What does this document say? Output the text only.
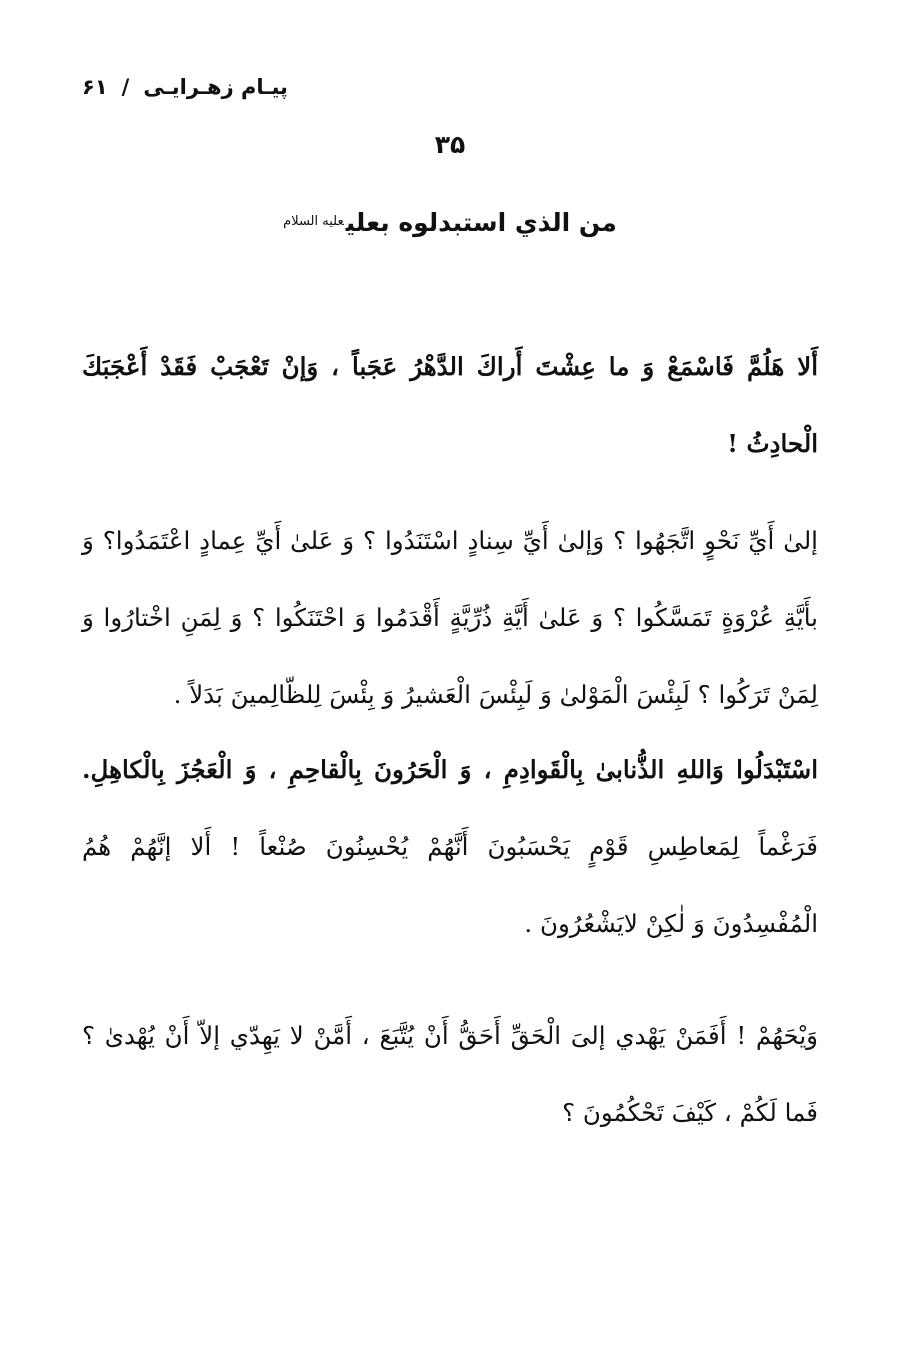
پیـام زهـرایـی
/
۶۱
۳۵
من الذي استبدلوه بعلي$^{عليه السلام}$
أَلا هَلُمَّ فَاسْمَعْ وَ ما عِشْتَ أَراكَ الدَّهْرُ عَجَباً ، وَإنْ تَعْجَبْ فَقَدْ أَعْجَبَكَ الْحادِثُ !
إلىٰ أَيِّ نَحْوٍ اتَّجَهُوا ؟ وَإلىٰ أَيِّ سِنادٍ اسْتَنَدُوا ؟ وَ عَلىٰ أَيِّ عِمادٍ اعْتَمَدُوا؟ وَ بأَيَّةِ عُرْوَةٍ تَمَسَّكُوا ؟ وَ عَلىٰ أَيَّةِ ذُرِّيَّةٍ أَقْدَمُوا وَ احْتَنَكُوا ؟ وَ لِمَنِ اخْتارُوا وَ لِمَنْ تَرَكُوا ؟ لَبِئْسَ الْمَوْلىٰ وَ لَبِئْسَ الْعَشيرُ وَ بِئْسَ لِلظّالِمينَ بَدَلاً .
اسْتَبْدَلُوا وَاللهِ الذُّنابىٰ بِالْقَوادِمِ ، وَ الْحَرُونَ بِالْقاحِمِ ، وَ الْعَجُزَ بِالْكاهِلِ. فَرَغْماً لِمَعاطِسِ قَوْمٍ يَحْسَبُونَ أَنَّهُمْ يُحْسِنُونَ صُنْعاً ! أَلا إنَّهُمْ هُمُ الْمُفْسِدُونَ وَ لٰكِنْ لايَشْعُرُونَ .
وَيْحَهُمْ ! أَفَمَنْ يَهْدي إلىَ الْحَقِّ أَحَقُّ أَنْ يُتَّبَعَ ، أَمَّنْ لا يَهِدّي إلاّ أَنْ يُهْدىٰ ؟ فَما لَكُمْ ، كَيْفَ تَحْكُمُونَ ؟
